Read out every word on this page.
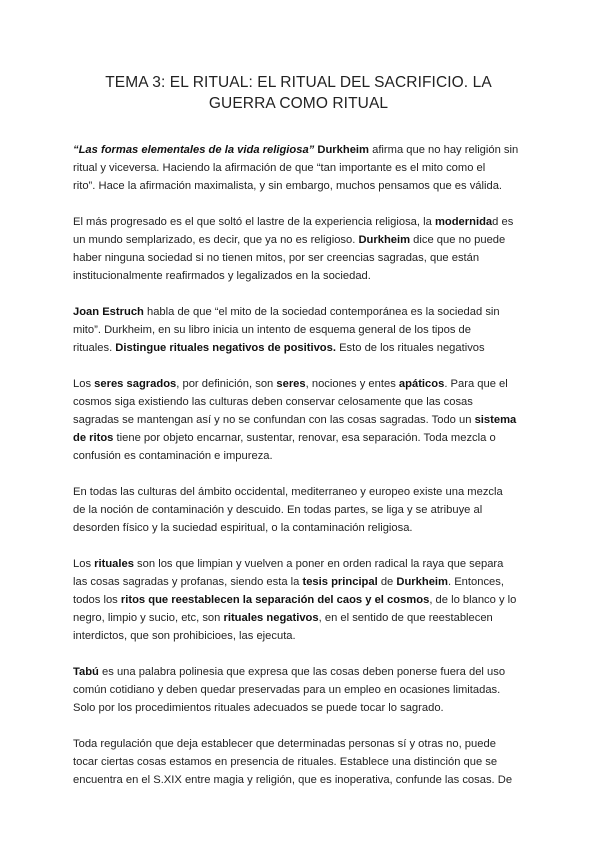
TEMA 3: EL RITUAL: EL RITUAL DEL SACRIFICIO. LA
GUERRA COMO RITUAL
“Las formas elementales de la vida religiosa” Durkheim afirma que no hay religión sin
ritual y viceversa. Haciendo la afirmación de que “tan importante es el mito como el
rito”. Hace la afirmación maximalista, y sin embargo, muchos pensamos que es válida.
El más progresado es el que soltó el lastre de la experiencia religiosa, la modernidad es
un mundo semplarizado, es decir, que ya no es religioso. Durkheim dice que no puede
haber ninguna sociedad si no tienen mitos, por ser creencias sagradas, que están
institucionalmente reafirmados y legalizados en la sociedad.
Joan Estruch habla de que “el mito de la sociedad contemporánea es la sociedad sin
mito”. Durkheim, en su libro inicia un intento de esquema general de los tipos de
rituales. Distingue rituales negativos de positivos. Esto de los rituales negativos
Los seres sagrados, por definición, son seres, nociones y entes apáticos. Para que el
cosmos siga existiendo las culturas deben conservar celosamente que las cosas
sagradas se mantengan así y no se confundan con las cosas sagradas. Todo un sistema
de ritos tiene por objeto encarnar, sustentar, renovar, esa separación. Toda mezcla o
confusión es contaminación e impureza.
En todas las culturas del ámbito occidental, mediterraneo y europeo existe una mezcla
de la noción de contaminación y descuido. En todas partes, se liga y se atribuye al
desorden físico y la suciedad espiritual, o la contaminación religiosa.
Los rituales son los que limpian y vuelven a poner en orden radical la raya que separa
las cosas sagradas y profanas, siendo esta la tesis principal de Durkheim. Entonces,
todos los ritos que reestablecen la separación del caos y el cosmos, de lo blanco y lo
negro, limpio y sucio, etc, son rituales negativos, en el sentido de que reestablecen
interdictos, que son prohibicioes, las ejecuta.
Tabú es una palabra polinesia que expresa que las cosas deben ponerse fuera del uso
común cotidiano y deben quedar preservadas para un empleo en ocasiones limitadas.
Solo por los procedimientos rituales adecuados se puede tocar lo sagrado.
Toda regulación que deja establecer que determinadas personas sí y otras no, puede
tocar ciertas cosas estamos en presencia de rituales. Establece una distinción que se
encuentra en el S.XIX entre magia y religión, que es inoperativa, confunde las cosas. De
